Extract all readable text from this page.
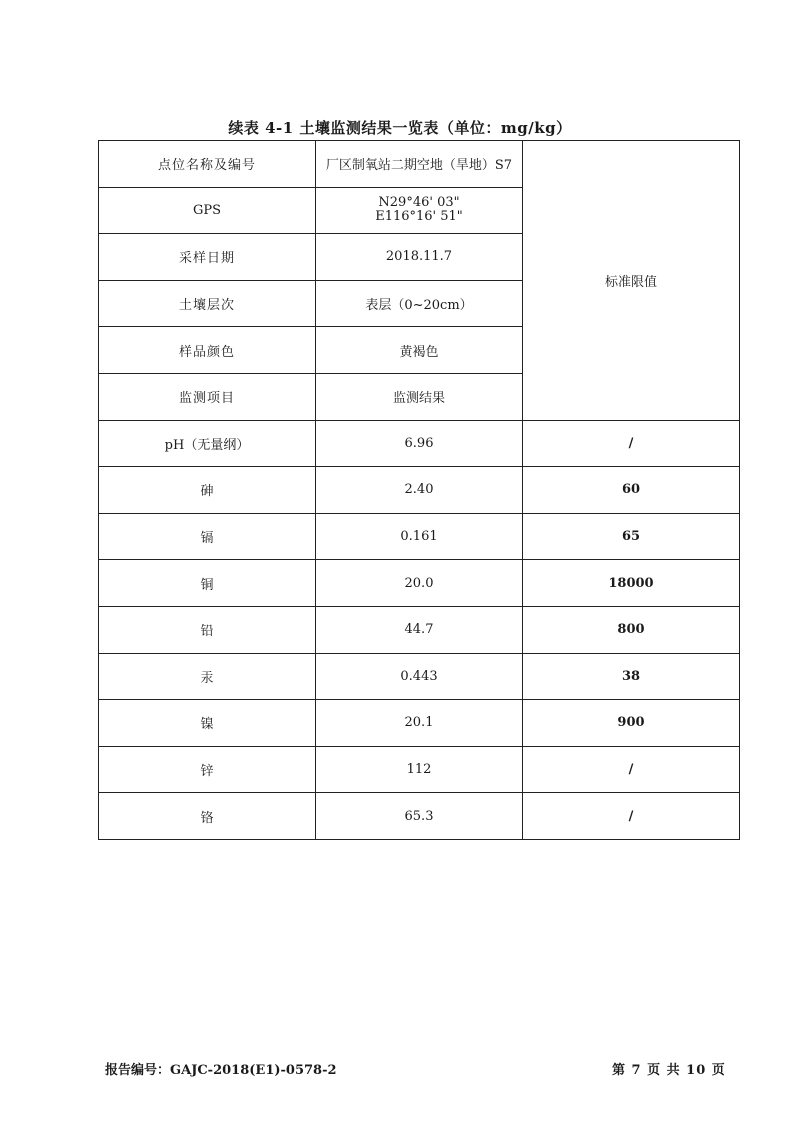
续表 4-1 土壤监测结果一览表（单位：mg/kg）
点位名称及编号	厂区制氧站二期空地（旱地）S7	标准限值
GPS	N29°46' 03"
E116°16' 51"	

采样日期	2018.11.7	
土壤层次	表层（0~20cm）	
样品颜色	黄褐色	
监测项目	监测结果	
pH（无量纲）	6.96	/
砷	2.40	60
镉	0.161	65
铜	20.0	18000
铅	44.7	800
汞	0.443	38
镍	20.1	900
锌	112	/
铬	65.3	/
报告编号：GAJC-2018(E1)-0578-2	第 7 页 共 10 页
